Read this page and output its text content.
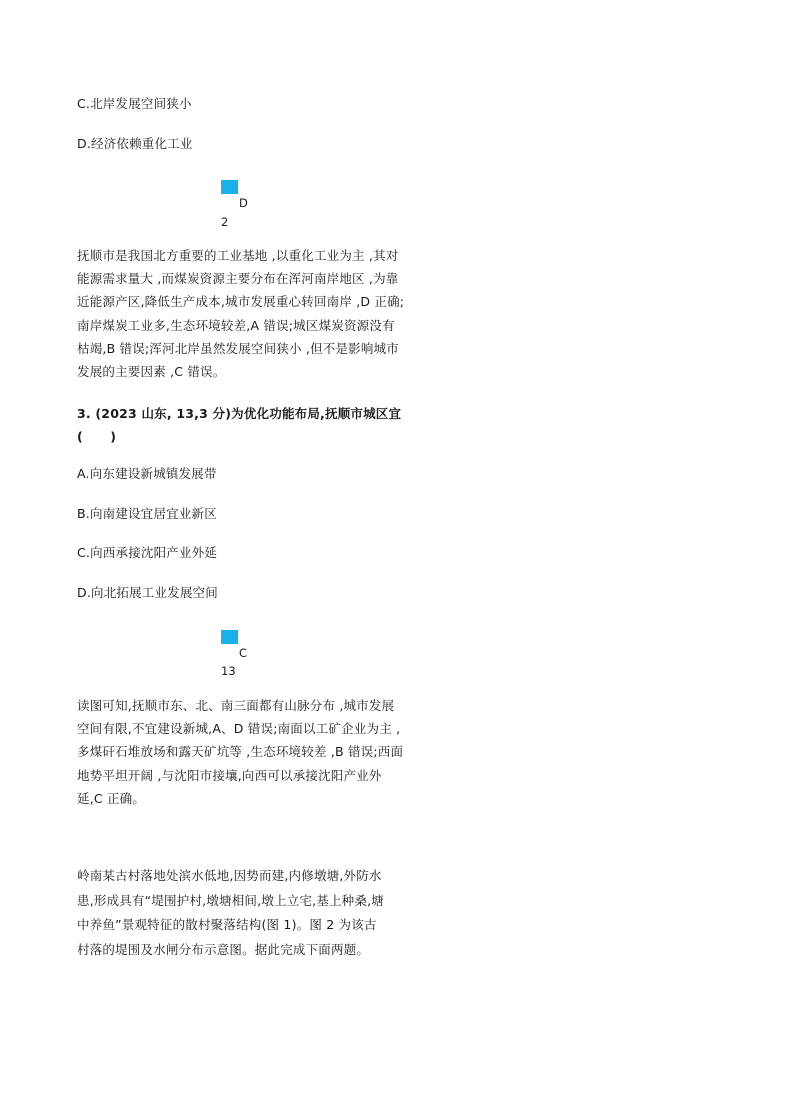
C.北岸发展空间狭小
D.经济依赖重化工业
D
2
抚顺市是我国北方重要的工业基地 ,以重化工业为主 ,其对
能源需求量大 ,而煤炭资源主要分布在浑河南岸地区 ,为靠
近能源产区,降低生产成本,城市发展重心转回南岸 ,D 正确;
南岸煤炭工业多,生态环境较差,A 错误;城区煤炭资源没有
枯竭,B 错误;浑河北岸虽然发展空间狭小 ,但不是影响城市
发展的主要因素 ,C 错误。
3. (2023 山东, 13,3 分)为优化功能布局,抚顺市城区宜
(      )
A.向东建设新城镇发展带
B.向南建设宜居宜业新区
C.向西承接沈阳产业外延
D.向北拓展工业发展空间
C
13
读图可知,抚顺市东、北、南三面都有山脉分布 ,城市发展
空间有限,不宜建设新城,A、D 错误;南面以工矿企业为主 ,
多煤矸石堆放场和露天矿坑等 ,生态环境较差 ,B 错误;西面
地势平坦开阔 ,与沈阳市接壤,向西可以承接沈阳产业外
延,C 正确。
岭南某古村落地处滨水低地,因势而建,内修墩塘,外防水
患,形成具有“堤围护村,墩塘相间,墩上立宅,基上种桑,塘
中养鱼”景观特征的散村聚落结构(图 1)。图 2 为该古
村落的堤围及水闸分布示意图。据此完成下面两题。
